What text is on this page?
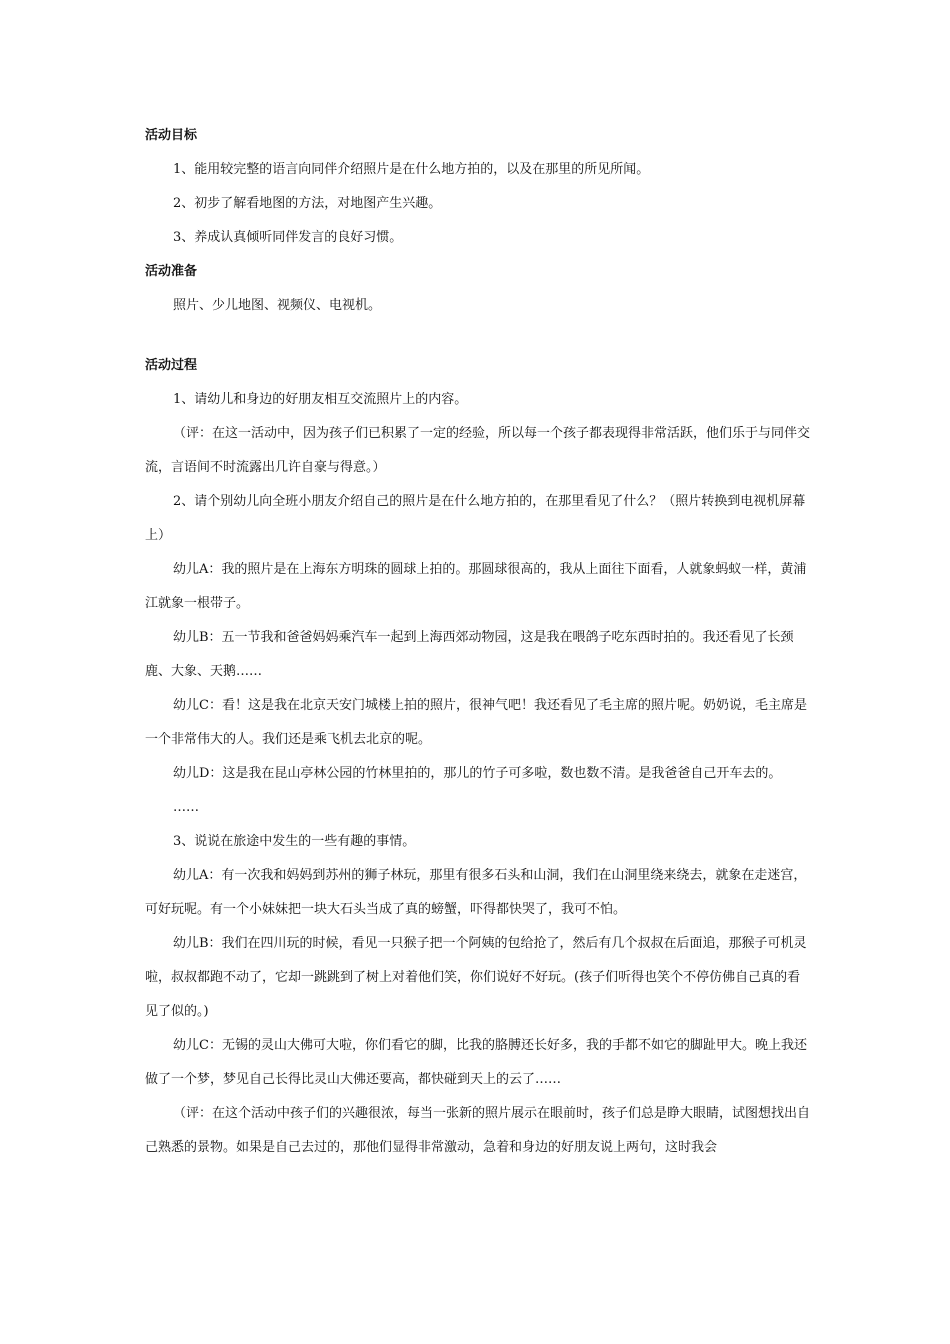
活动目标

1、能用较完整的语言向同伴介绍照片是在什么地方拍的，以及在那里的所见所闻。

2、初步了解看地图的方法，对地图产生兴趣。

3、养成认真倾听同伴发言的良好习惯。

活动准备

照片、少儿地图、视频仪、电视机。

活动过程

1、请幼儿和身边的好朋友相互交流照片上的内容。

（评：在这一活动中，因为孩子们已积累了一定的经验，所以每一个孩子都表现得非常活跃，他们乐于与同伴交流，言语间不时流露出几许自豪与得意。）

2、请个别幼儿向全班小朋友介绍自己的照片是在什么地方拍的，在那里看见了什么？（照片转换到电视机屏幕上）

幼儿A：我的照片是在上海东方明珠的圆球上拍的。那圆球很高的，我从上面往下面看，人就象蚂蚁一样，黄浦江就象一根带子。

幼儿B：五一节我和爸爸妈妈乘汽车一起到上海西郊动物园，这是我在喂鸽子吃东西时拍的。我还看见了长颈鹿、大象、天鹅……

幼儿C：看！这是我在北京天安门城楼上拍的照片，很神气吧！我还看见了毛主席的照片呢。奶奶说，毛主席是一个非常伟大的人。我们还是乘飞机去北京的呢。

幼儿D：这是我在昆山亭林公园的竹林里拍的，那儿的竹子可多啦，数也数不清。是我爸爸自己开车去的。

……

3、说说在旅途中发生的一些有趣的事情。

幼儿A：有一次我和妈妈到苏州的狮子林玩，那里有很多石头和山洞，我们在山洞里绕来绕去，就象在走迷宫，可好玩呢。有一个小妹妹把一块大石头当成了真的螃蟹，吓得都快哭了，我可不怕。

幼儿B：我们在四川玩的时候，看见一只猴子把一个阿姨的包给抢了，然后有几个叔叔在后面追，那猴子可机灵啦，叔叔都跑不动了，它却一跳跳到了树上对着他们笑，你们说好不好玩。(孩子们听得也笑个不停仿佛自己真的看见了似的。)

幼儿C：无锡的灵山大佛可大啦，你们看它的脚，比我的胳膊还长好多，我的手都不如它的脚趾甲大。晚上我还做了一个梦，梦见自己长得比灵山大佛还要高，都快碰到天上的云了……

（评：在这个活动中孩子们的兴趣很浓，每当一张新的照片展示在眼前时，孩子们总是睁大眼睛，试图想找出自己熟悉的景物。如果是自己去过的，那他们显得非常激动，急着和身边的好朋友说上两句，这时我会
